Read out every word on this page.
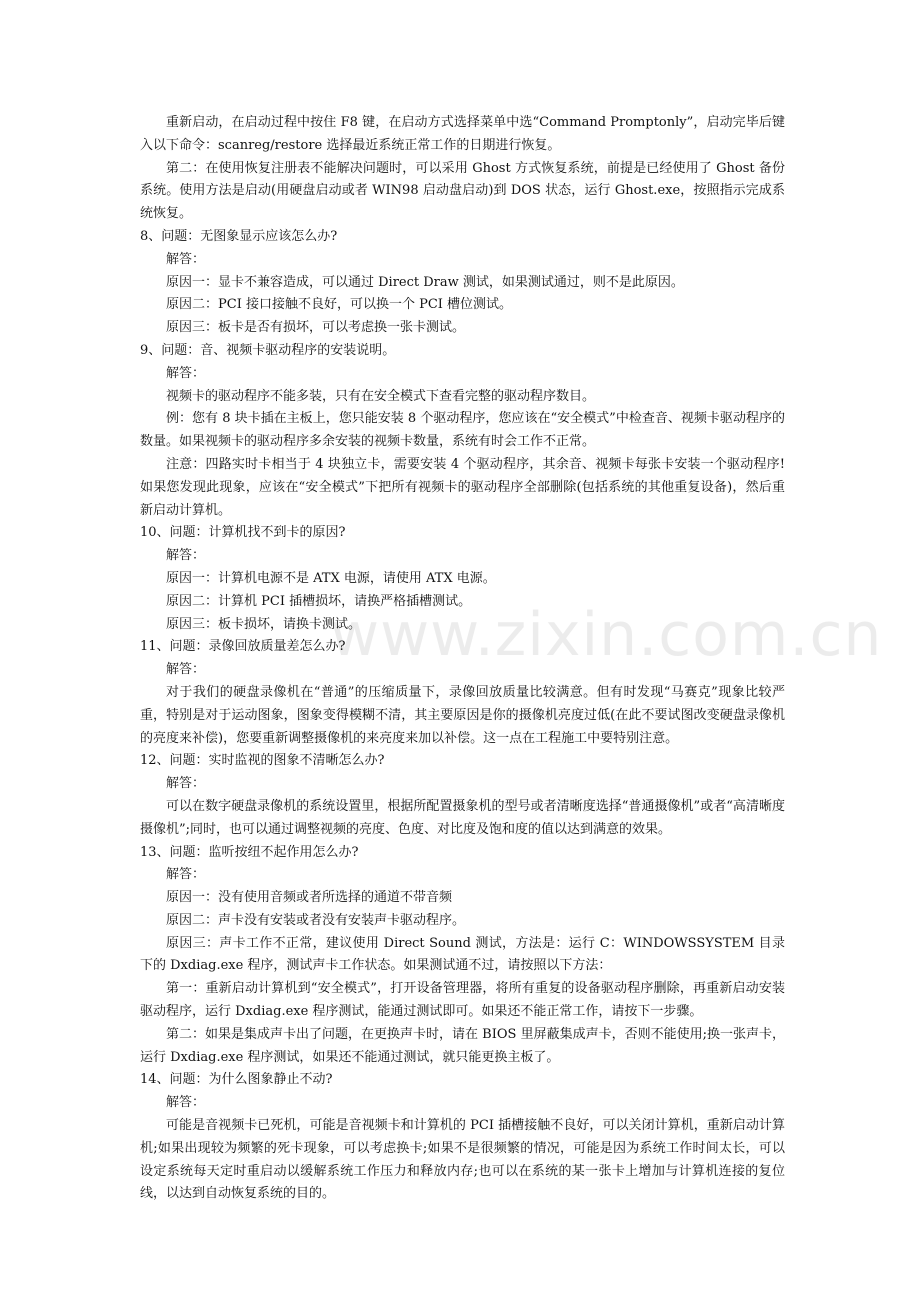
www.zixin.com.cn

重新启动，在启动过程中按住 F8 键，在启动方式选择菜单中选“Command Promptonly”，启动完毕后键入以下命令：scanreg/restore 选择最近系统正常工作的日期进行恢复。

第二：在使用恢复注册表不能解决问题时，可以采用 Ghost 方式恢复系统，前提是已经使用了 Ghost 备份系统。使用方法是启动(用硬盘启动或者 WIN98 启动盘启动)到 DOS 状态，运行 Ghost.exe，按照指示完成系统恢复。

8、问题：无图象显示应该怎么办?

解答：

原因一：显卡不兼容造成，可以通过 Direct Draw 测试，如果测试通过，则不是此原因。

原因二：PCI 接口接触不良好，可以换一个 PCI 槽位测试。

原因三：板卡是否有损坏，可以考虑换一张卡测试。

9、问题：音、视频卡驱动程序的安装说明。

解答：

视频卡的驱动程序不能多装，只有在安全模式下查看完整的驱动程序数目。

例：您有 8 块卡插在主板上，您只能安装 8 个驱动程序，您应该在“安全模式”中检查音、视频卡驱动程序的数量。如果视频卡的驱动程序多余安装的视频卡数量，系统有时会工作不正常。

注意：四路实时卡相当于 4 块独立卡，需要安装 4 个驱动程序，其余音、视频卡每张卡安装一个驱动程序!如果您发现此现象，应该在“安全模式”下把所有视频卡的驱动程序全部删除(包括系统的其他重复设备)，然后重新启动计算机。

10、问题：计算机找不到卡的原因?

解答：

原因一：计算机电源不是 ATX 电源，请使用 ATX 电源。

原因二：计算机 PCI 插槽损坏，请换严格插槽测试。

原因三：板卡损坏，请换卡测试。

11、问题：录像回放质量差怎么办?

解答：

对于我们的硬盘录像机在“普通”的压缩质量下，录像回放质量比较满意。但有时发现“马赛克”现象比较严重，特别是对于运动图象，图象变得模糊不清，其主要原因是你的摄像机亮度过低(在此不要试图改变硬盘录像机的亮度来补偿)，您要重新调整摄像机的来亮度来加以补偿。这一点在工程施工中要特别注意。

12、问题：实时监视的图象不清晰怎么办?

解答：

可以在数字硬盘录像机的系统设置里，根据所配置摄象机的型号或者清晰度选择“普通摄像机”或者“高清晰度摄像机”;同时，也可以通过调整视频的亮度、色度、对比度及饱和度的值以达到满意的效果。

13、问题：监听按纽不起作用怎么办?

解答：

原因一：没有使用音频或者所选择的通道不带音频

原因二：声卡没有安装或者没有安装声卡驱动程序。

原因三：声卡工作不正常，建议使用 Direct Sound 测试，方法是：运行 C：WINDOWSSYSTEM 目录下的 Dxdiag.exe 程序，测试声卡工作状态。如果测试通不过，请按照以下方法：

第一：重新启动计算机到“安全模式”，打开设备管理器，将所有重复的设备驱动程序删除，再重新启动安装驱动程序，运行 Dxdiag.exe 程序测试，能通过测试即可。如果还不能正常工作，请按下一步骤。

第二：如果是集成声卡出了问题，在更换声卡时，请在 BIOS 里屏蔽集成声卡，否则不能使用;换一张声卡，运行 Dxdiag.exe 程序测试，如果还不能通过测试，就只能更换主板了。

14、问题：为什么图象静止不动?

解答：

可能是音视频卡已死机，可能是音视频卡和计算机的 PCI 插槽接触不良好，可以关闭计算机，重新启动计算机;如果出现较为频繁的死卡现象，可以考虑换卡;如果不是很频繁的情况，可能是因为系统工作时间太长，可以设定系统每天定时重启动以缓解系统工作压力和释放内存;也可以在系统的某一张卡上增加与计算机连接的复位线，以达到自动恢复系统的目的。
